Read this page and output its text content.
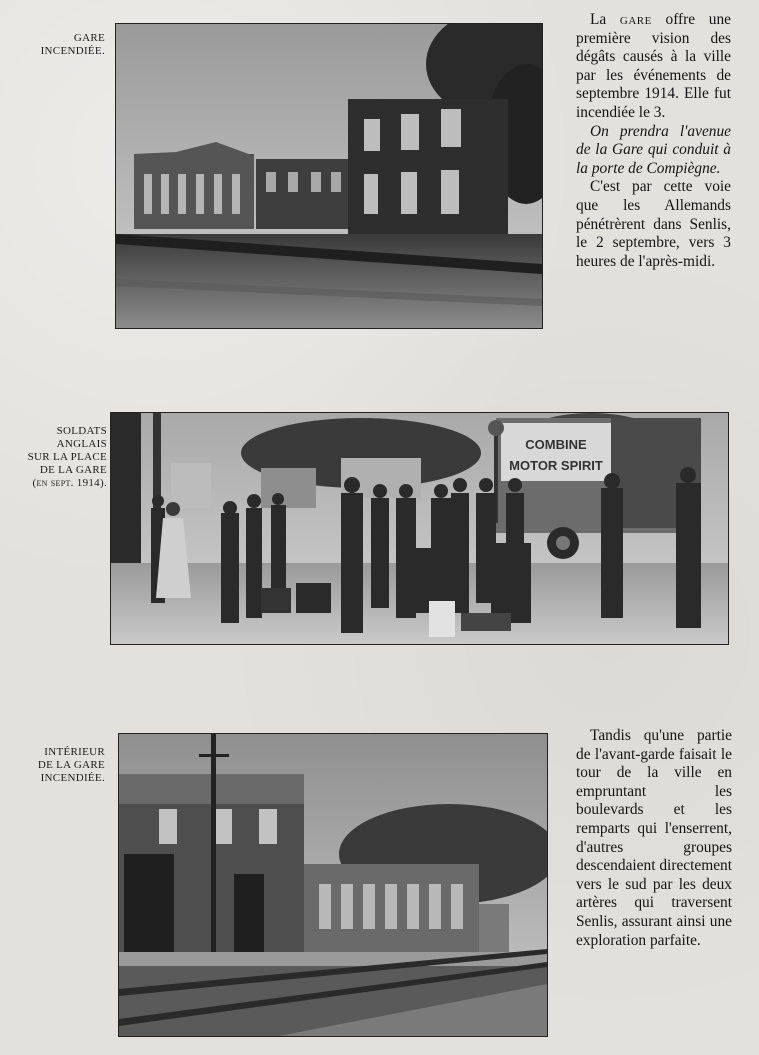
GARE
INCENDIÉE.

La gare offre une première vision des dégâts causés à la ville par les événements de septembre 1914. Elle fut incendiée le 3.

On prendra l'avenue de la Gare qui conduit à la porte de Compiègne.

C'est par cette voie que les Allemands pénétrèrent dans Senlis, le 2 septembre, vers 3 heures de l'après-midi.

SOLDATS
ANGLAIS
SUR LA PLACE
DE LA GARE
(en sept. 1914).
COMBINE
MOTOR SPIRIT
INTÉRIEUR
DE LA GARE
INCENDIÉE.

Tandis qu'une partie de l'avant-garde faisait le tour de la ville en empruntant les boulevards et les remparts qui l'enserrent, d'autres groupes descendaient directement vers le sud par les deux artères qui traversent Senlis, assurant ainsi une exploration parfaite.
